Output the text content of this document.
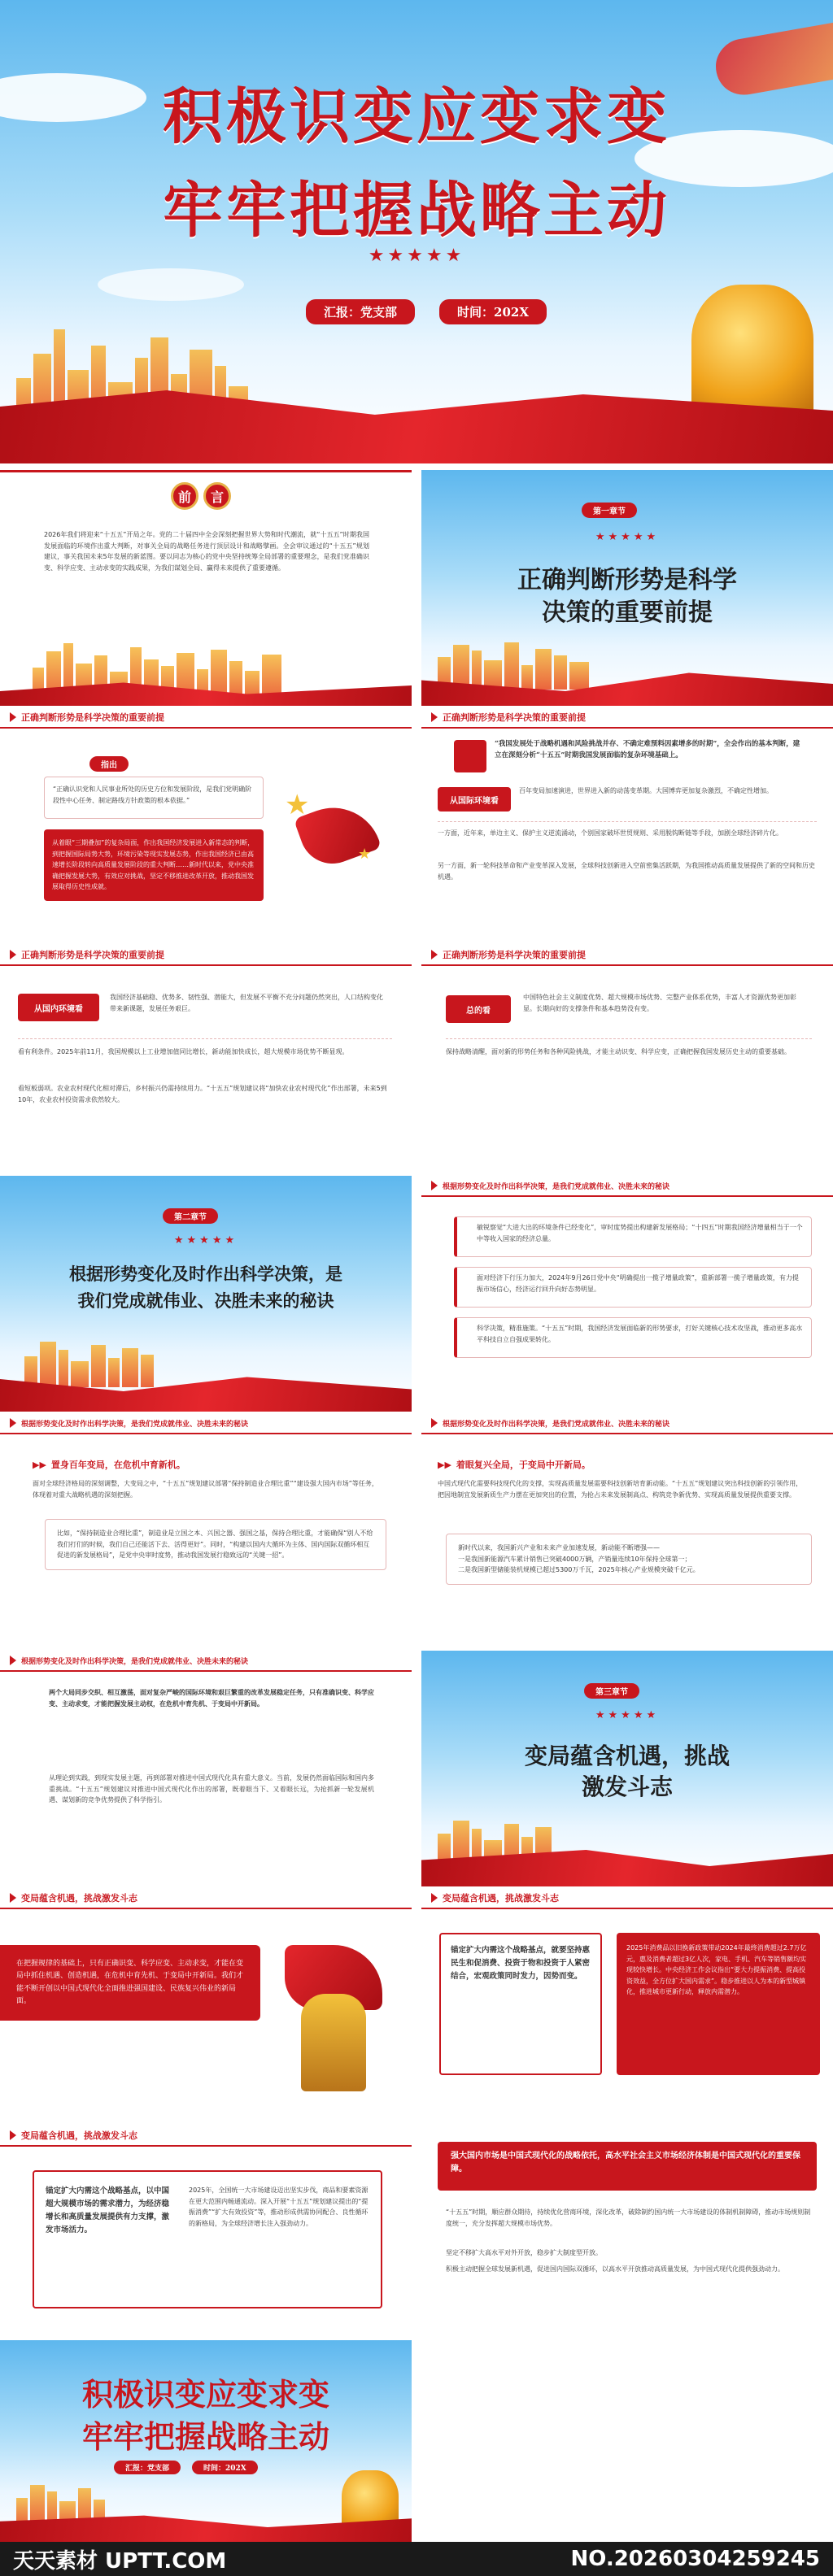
积极识变应变求变
牢牢把握战略主动
★★★★★
汇报：党支部	时间：202X
前	言
2026年我们将迎来“十五五”开局之年。党的二十届四中全会深刻把握世界大势和时代潮流，就“十五五”时期我国发展面临的环境作出重大判断，对事关全局的战略任务进行顶层设计和战略擘画。全会审议通过的“十五五”规划建议，事关我国未来5年发展的新蓝图。要以同志为核心的党中央坚持统筹全局部署的重要理念，是我们党准确识变、科学应变、主动求变的实践成果，为我们谋划全局、赢得未来提供了重要遵循。
第一章节
★★★★★
正确判断形势是科学
决策的重要前提
正确判断形势是科学决策的重要前提
指出
“正确认识党和人民事业所处的历史方位和发展阶段，是我们党明确阶段性中心任务、制定路线方针政策的根本依据。”
从着眼“三期叠加”的复杂局面，作出我国经济发展进入新常态的判断，到把握国际局势大势，环境污染等现实发展态势，作出我国经济已由高速增长阶段转向高质量发展阶段的重大判断……新时代以来，党中央准确把握发展大势，有效应对挑战，坚定不移推进改革开放，推动我国发展取得历史性成就。
★
★
正确判断形势是科学决策的重要前提
“我国发展处于战略机遇和风险挑战并存、不确定难预料因素增多的时期”，全会作出的基本判断，建立在深刻分析“十五五”时期我国发展面临的复杂环境基础上。
从国际环境看
百年变局加速演进，世界进入新的动荡变革期。大国博弈更加复杂激烈，不确定性增加。
一方面，近年来，单边主义、保护主义逆流涌动，个别国家破坏世贸规则、采用脱钩断链等手段，加剧全球经济碎片化。
另一方面，新一轮科技革命和产业变革深入发展，全球科技创新进入空前密集活跃期，为我国推动高质量发展提供了新的空间和历史机遇。
正确判断形势是科学决策的重要前提
从国内环境看
我国经济基础稳、优势多、韧性强、潜能大，但发展不平衡不充分问题仍然突出，人口结构变化带来新课题，发展任务艰巨。
看有利条件。2025年前11月，我国规模以上工业增加值同比增长，新动能加快成长，超大规模市场优势不断显现。
看短板弱项。农业农村现代化相对滞后，乡村振兴仍需持续用力。“十五五”规划建议将“加快农业农村现代化”作出部署，未来5到10年，农业农村投资需求依然较大。
正确判断形势是科学决策的重要前提
总的看
中国特色社会主义制度优势、超大规模市场优势、完整产业体系优势，丰富人才资源优势更加彰显。长期向好的支撑条件和基本趋势没有变。
保持战略清醒，面对新的形势任务和各种风险挑战，才能主动识变、科学应变，正确把握我国发展历史主动的重要基础。
第二章节
★★★★★
根据形势变化及时作出科学决策，是
我们党成就伟业、决胜未来的秘诀
根据形势变化及时作出科学决策，是我们党成就伟业、决胜未来的秘诀
敏锐察觉“大进大出的环境条件已经变化”，审时度势提出构建新发展格局；“十四五”时期我国经济增量相当于一个中等收入国家的经济总量。
面对经济下行压力加大，2024年9月26日党中央“明确提出一揽子增量政策”，重新部署一揽子增量政策，有力提振市场信心，经济运行回升向好态势明显。
科学决策，精准施策。“十五五”时期，我国经济发展面临新的形势要求，打好关键核心技术攻坚战，推动更多高水平科技自立自强成果转化。
根据形势变化及时作出科学决策，是我们党成就伟业、决胜未来的秘诀
▶▶ 置身百年变局，在危机中育新机。
面对全球经济格局的深刻调整，大变局之中，“十五五”规划建议部署“保持制造业合理比重”“建设强大国内市场”等任务，体现着对重大战略机遇的深刻把握。
比如，“保持制造业合理比重”，制造业是立国之本、兴国之器、强国之基，保持合理比重，才能确保“别人不给我们打们的时候，我们自己还能活下去、活得更好”。同时，“构建以国内大循环为主体、国内国际双循环相互促进的新发展格局”，是党中央审时度势，推动我国发展行稳致远的“关键一招”。
根据形势变化及时作出科学决策，是我们党成就伟业、决胜未来的秘诀
▶▶ 着眼复兴全局，于变局中开新局。
中国式现代化需要科技现代化的支撑，实现高质量发展需要科技创新培育新动能。“十五五”规划建议突出科技创新的引领作用，把因地制宜发展新质生产力摆在更加突出的位置，为抢占未来发展制高点、构筑竞争新优势、实现高质量发展提供重要支撑。
新时代以来，我国新兴产业和未来产业加速发展，新动能不断增强——
一是我国新能源汽车累计销售已突破4000万辆，产销量连续10年保持全球第一；
二是我国新型储能装机规模已超过5300万千瓦，2025年核心产业规模突破千亿元。
根据形势变化及时作出科学决策，是我们党成就伟业、决胜未来的秘诀
两个大局同步交织、相互激荡，面对复杂严峻的国际环境和艰巨繁重的改革发展稳定任务，只有准确识变、科学应变、主动求变，才能把握发展主动权，在危机中育先机、于变局中开新局。
从理论到实践，到现实发展主题，再到部署对推进中国式现代化具有重大意义。当前，发展仍然面临国际和国内多重挑战。“十五五”规划建议对推进中国式现代化作出的部署，既着眼当下、又着眼长远，为抢抓新一轮发展机遇、谋划新的竞争优势提供了科学指引。
第三章节
★★★★★
变局蕴含机遇，挑战
激发斗志
变局蕴含机遇，挑战激发斗志
在把握规律的基础上，只有正确识变、科学应变、主动求变，才能在变局中抓住机遇、创造机遇，在危机中育先机、于变局中开新局。我们才能不断开创以中国式现代化全面推进强国建设、民族复兴伟业的新局面。
变局蕴含机遇，挑战激发斗志
锚定扩大内需这个战略基点，就要坚持惠民生和促消费、投资于物和投资于人紧密结合，宏观政策同时发力，因势而变。
2025年消费品以旧换新政策带动2024年最终消费超过2.7万亿元，惠及消费者超过3亿人次，家电、手机、汽车等销售额均实现较快增长。中央经济工作会议指出“要大力提振消费、提高投资效益，全方位扩大国内需求”。稳步推进以人为本的新型城镇化，推进城市更新行动，释放内需潜力。
变局蕴含机遇，挑战激发斗志
锚定扩大内需这个战略基点，以中国超大规模市场的需求潜力，为经济稳增长和高质量发展提供有力支撑，激发市场活力。
2025年，全国统一大市场建设迈出坚实步伐，商品和要素资源在更大范围内畅通流动。深入开展“十五五”规划建议提出的“提振消费”“扩大有效投资”等，推动形成供需协同配合、良性循环的新格局，为全球经济增长注入强劲动力。
强大国内市场是中国式现代化的战略依托，高水平社会主义市场经济体制是中国式现代化的重要保障。
“十五五”时期，顺应群众期待，持续优化营商环境，深化改革，破除制约国内统一大市场建设的体制机制障碍，推动市场规则制度统一，充分发挥超大规模市场优势。
坚定不移扩大高水平对外开放，稳步扩大制度型开放。
积极主动把握全球发展新机遇，促进国内国际双循环，以高水平开放推动高质量发展，为中国式现代化提供强劲动力。
积极识变应变求变
牢牢把握战略主动
汇报：党支部	时间：202X
天天素材 UPTT.COM	NO.20260304259245
